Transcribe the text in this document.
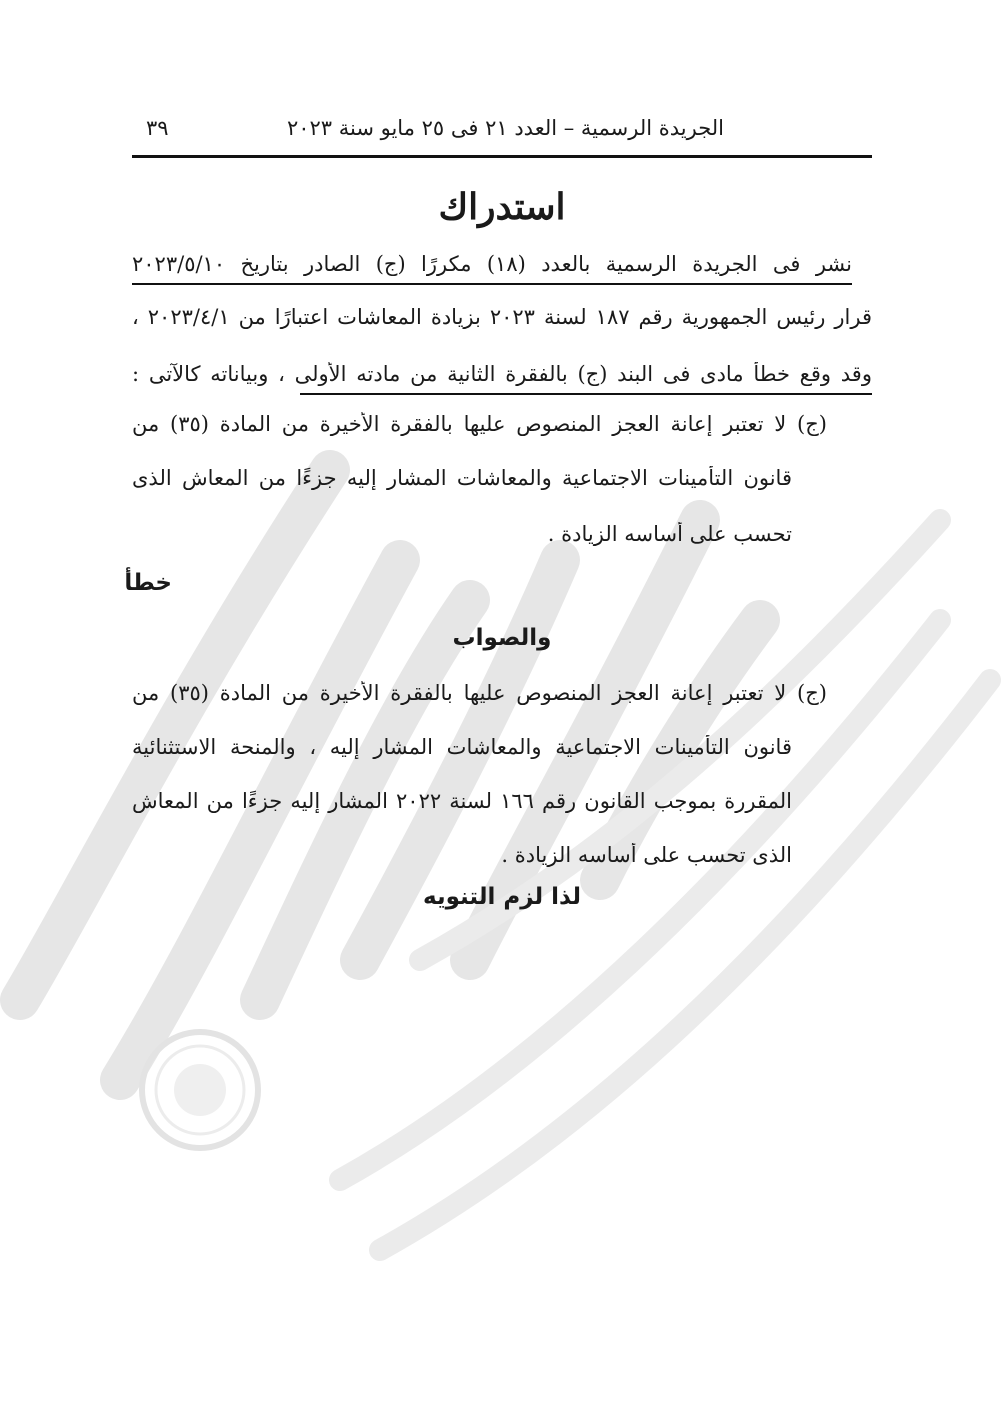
الجريدة الرسمية – العدد ٢١ فى ٢٥ مايو سنة ٢٠٢٣
٣٩
استدراك
نشر فى الجريدة الرسمية بالعدد (١٨) مكررًا (ج) الصادر بتاريخ ٢٠٢٣/٥/١٠
قرار رئيس الجمهورية رقم ١٨٧ لسنة ٢٠٢٣ بزيادة المعاشات اعتبارًا من ٢٠٢٣/٤/١ ،
وقد وقع خطأ مادى فى البند (ج) بالفقرة الثانية من مادته الأولى ، وبياناته كالآتى :
(ج) لا تعتبر إعانة العجز المنصوص عليها بالفقرة الأخيرة من المادة (٣٥) من
قانون التأمينات الاجتماعية والمعاشات المشار إليه جزءًا من المعاش الذى
تحسب على أساسه الزيادة .
خطأ
والصواب
(ج) لا تعتبر إعانة العجز المنصوص عليها بالفقرة الأخيرة من المادة (٣٥) من
قانون التأمينات الاجتماعية والمعاشات المشار إليه ، والمنحة الاستثنائية
المقررة بموجب القانون رقم ١٦٦ لسنة ٢٠٢٢ المشار إليه جزءًا من المعاش
الذى تحسب على أساسه الزيادة .
لذا لزم التنويه
